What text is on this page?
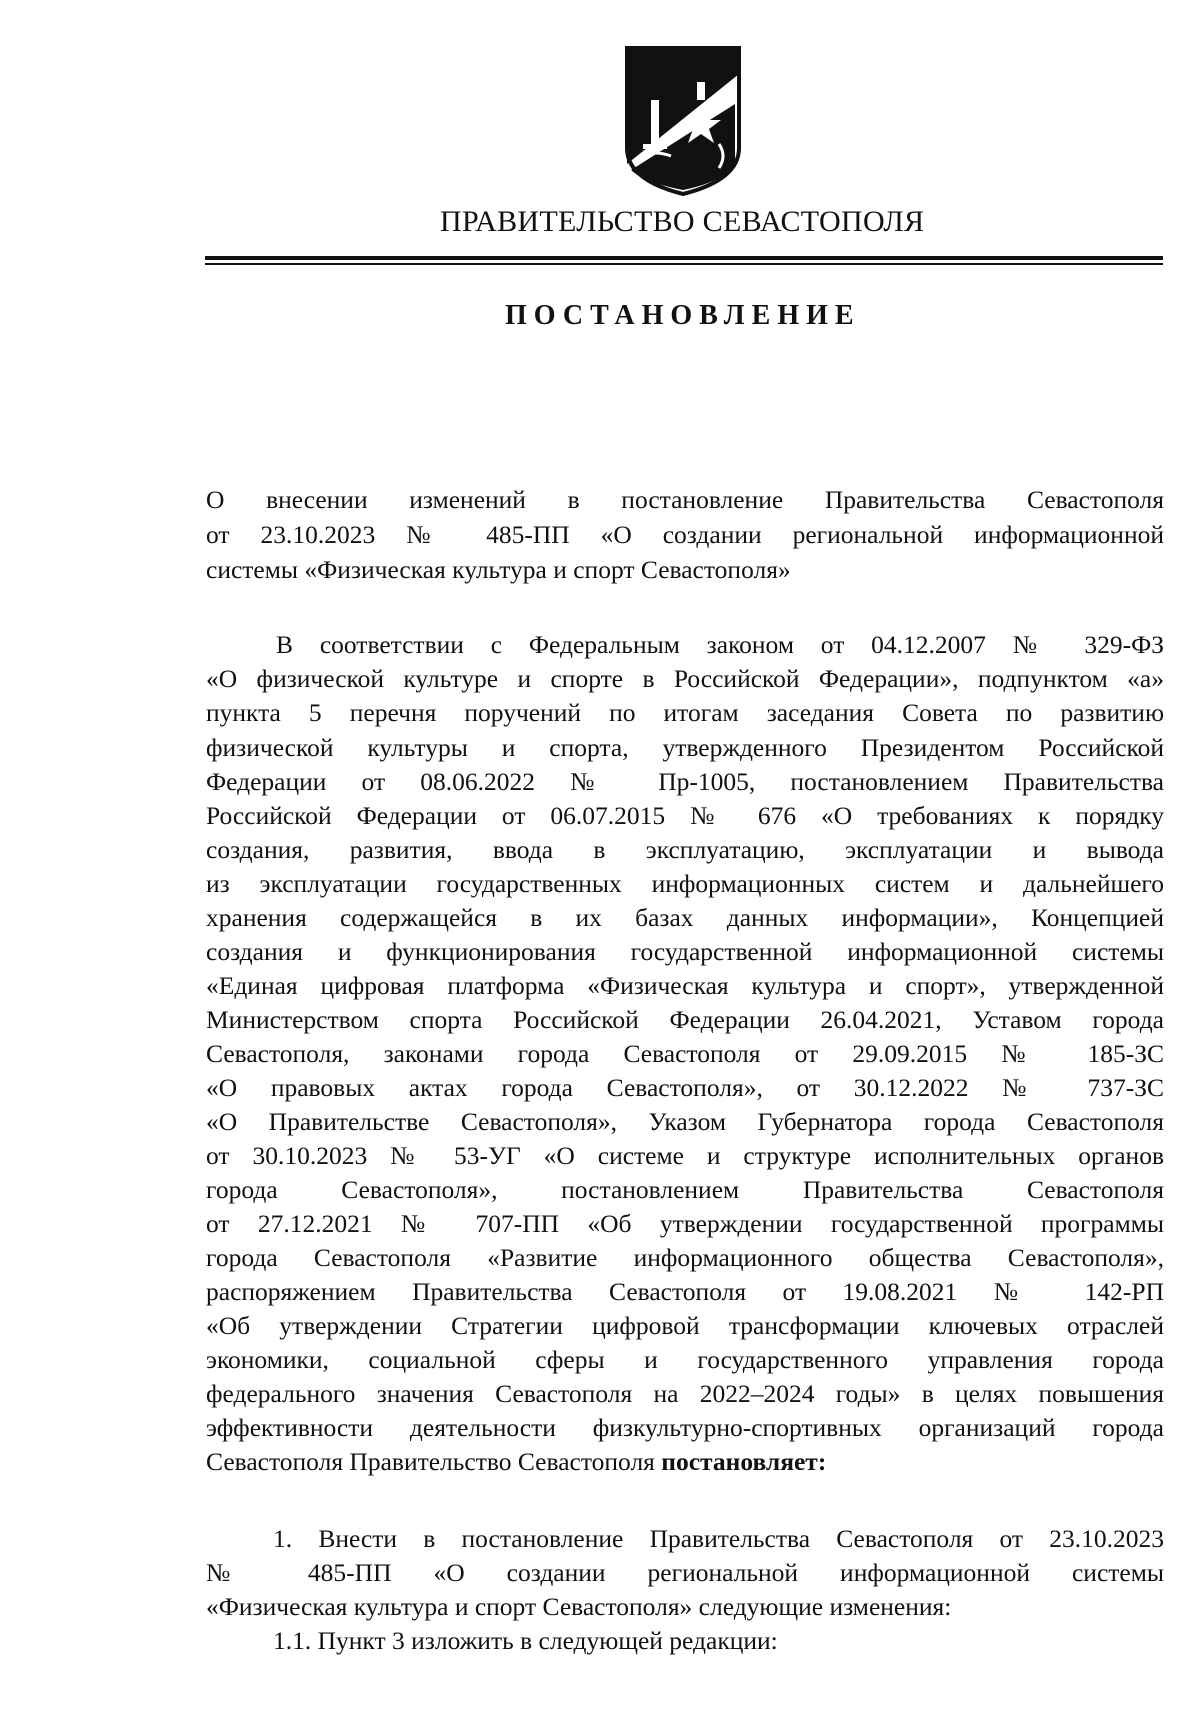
ПРАВИТЕЛЬСТВО СЕВАСТОПОЛЯ
ПОСТАНОВЛЕНИЕ
О внесении изменений в постановление Правительства Севастополя
от 23.10.2023 № 485-ПП «О создании региональной информационной
системы «Физическая культура и спорт Севастополя»
В соответствии с Федеральным законом от 04.12.2007 № 329-ФЗ
«О физической культуре и спорте в Российской Федерации», подпунктом «а»
пункта 5 перечня поручений по итогам заседания Совета по развитию
физической культуры и спорта, утвержденного Президентом Российской
Федерации от 08.06.2022 № Пр-1005, постановлением Правительства
Российской Федерации от 06.07.2015 № 676 «О требованиях к порядку
создания, развития, ввода в эксплуатацию, эксплуатации и вывода
из эксплуатации государственных информационных систем и дальнейшего
хранения содержащейся в их базах данных информации», Концепцией
создания и функционирования государственной информационной системы
«Единая цифровая платформа «Физическая культура и спорт», утвержденной
Министерством спорта Российской Федерации 26.04.2021, Уставом города
Севастополя, законами города Севастополя от 29.09.2015 № 185-ЗС
«О правовых актах города Севастополя», от 30.12.2022 № 737-ЗС
«О Правительстве Севастополя», Указом Губернатора города Севастополя
от 30.10.2023 № 53-УГ «О системе и структуре исполнительных органов
города Севастополя», постановлением Правительства Севастополя
от 27.12.2021 № 707-ПП «Об утверждении государственной программы
города Севастополя «Развитие информационного общества Севастополя»,
распоряжением Правительства Севастополя от 19.08.2021 № 142-РП
«Об утверждении Стратегии цифровой трансформации ключевых отраслей
экономики, социальной сферы и государственного управления города
федерального значения Севастополя на 2022–2024 годы» в целях повышения
эффективности деятельности физкультурно-спортивных организаций города
Севастополя Правительство Севастополя постановляет:
1. Внести в постановление Правительства Севастополя от 23.10.2023
№ 485-ПП «О создании региональной информационной системы
«Физическая культура и спорт Севастополя» следующие изменения:
1.1. Пункт 3 изложить в следующей редакции:
